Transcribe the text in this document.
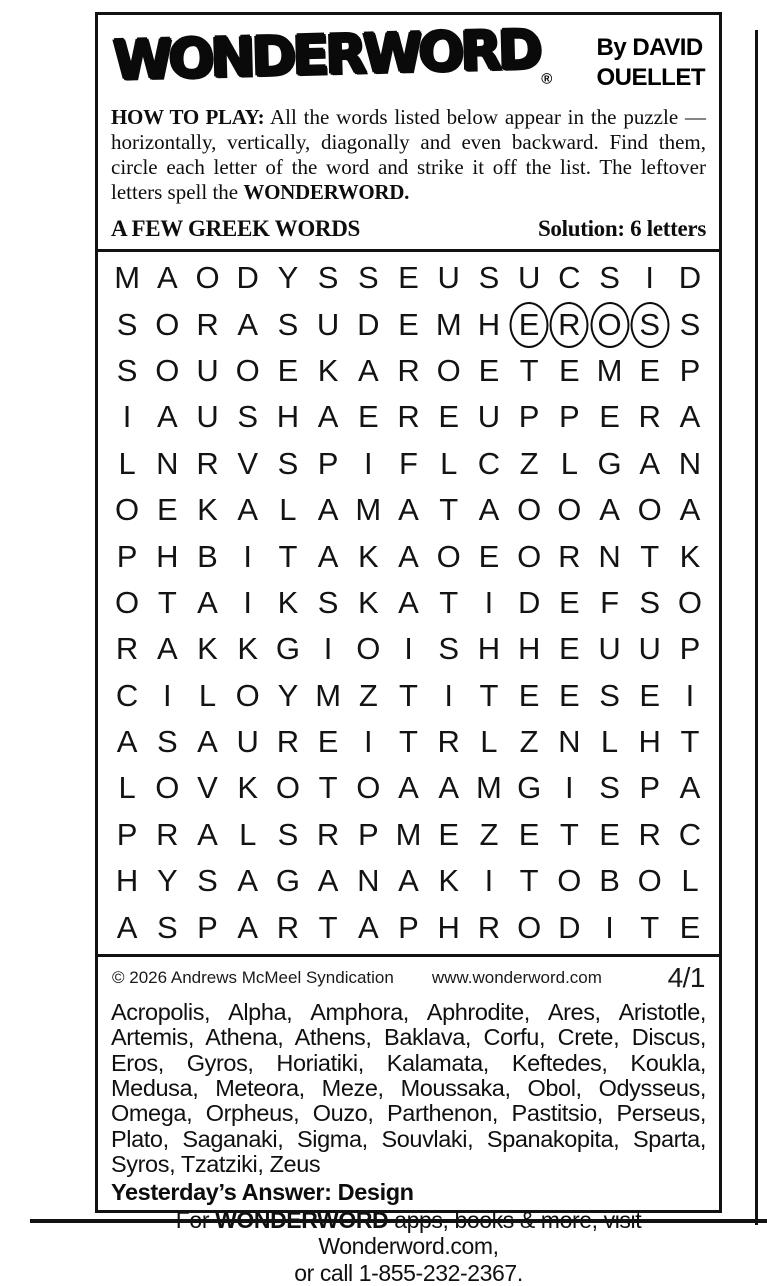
WONDERWORD ®
By DAVID
OUELLET

HOW TO PLAY: All the words listed below appear in the puzzle — horizontally, vertically, diagonally and even backward. Find them, circle each letter of the word and strike it off the list. The leftover letters spell the WONDERWORD.

A FEW GREEK WORDS	Solution: 6 letters
M A O D Y S S E U S U C S I D
S O R A S U D E M H E R O S S
S O U O E K A R O E T E M E P
I A U S H A E R E U P P E R A
L N R V S P I F L C Z L G A N
O E K A L A M A T A O O A O A
P H B I T A K A O E O R N T K
O T A I K S K A T I D E F S O
R A K K G I O I S H H E U U P
C I L O Y M Z T I T E E S E I
A S A U R E I T R L Z N L H T
L O V K O T O A A M G I S P A
P R A L S R P M E Z E T E R C
H Y S A G A N A K I T O B O L
A S P A R T A P H R O D I T E
© 2026 Andrews McMeel Syndication www.wonderword.com 4/1

Acropolis, Alpha, Amphora, Aphrodite, Ares, Aristotle, Artemis, Athena, Athens, Baklava, Corfu, Crete, Discus, Eros, Gyros, Horiatiki, Kalamata, Keftedes, Koukla, Medusa, Meteora, Meze, Moussaka, Obol, Odysseus, Omega, Orpheus, Ouzo, Parthenon, Pastitsio, Perseus, Plato, Saganaki, Sigma, Souvlaki, Spanakopita, Sparta, Syros, Tzatziki, Zeus

Yesterday’s Answer: Design

Wonderword.com,
or call 1-855-232-2367.
